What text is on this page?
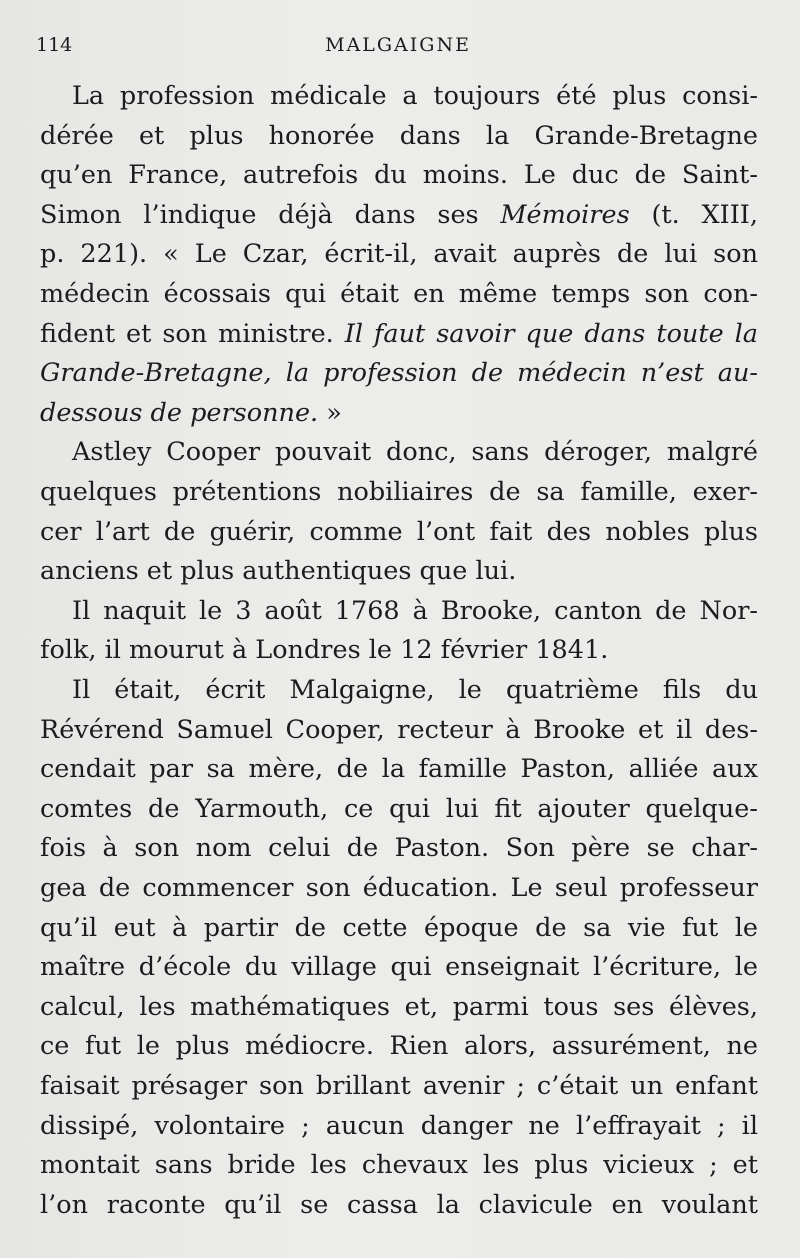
114	MALGAIGNE
La profession médicale a toujours été plus consi-
dérée et plus honorée dans la Grande-Bretagne
qu’en France, autrefois du moins. Le duc de Saint-
Simon l’indique déjà dans ses Mémoires (t. XIII,
p. 221). « Le Czar, écrit-il, avait auprès de lui son
médecin écossais qui était en même temps son con-
fident et son ministre. Il faut savoir que dans toute la
Grande-Bretagne, la profession de médecin n’est au-
dessous de personne. »
Astley Cooper pouvait donc, sans déroger, malgré
quelques prétentions nobiliaires de sa famille, exer-
cer l’art de guérir, comme l’ont fait des nobles plus
anciens et plus authentiques que lui.
Il naquit le 3 août 1768 à Brooke, canton de Nor-
folk, il mourut à Londres le 12 février 1841.
Il était, écrit Malgaigne, le quatrième fils du
Révérend Samuel Cooper, recteur à Brooke et il des-
cendait par sa mère, de la famille Paston, alliée aux
comtes de Yarmouth, ce qui lui fit ajouter quelque-
fois à son nom celui de Paston. Son père se char-
gea de commencer son éducation. Le seul professeur
qu’il eut à partir de cette époque de sa vie fut le
maître d’école du village qui enseignait l’écriture, le
calcul, les mathématiques et, parmi tous ses élèves,
ce fut le plus médiocre. Rien alors, assurément, ne
faisait présager son brillant avenir ; c’était un enfant
dissipé, volontaire ; aucun danger ne l’effrayait ; il
montait sans bride les chevaux les plus vicieux ; et
l’on raconte qu’il se cassa la clavicule en voulant
